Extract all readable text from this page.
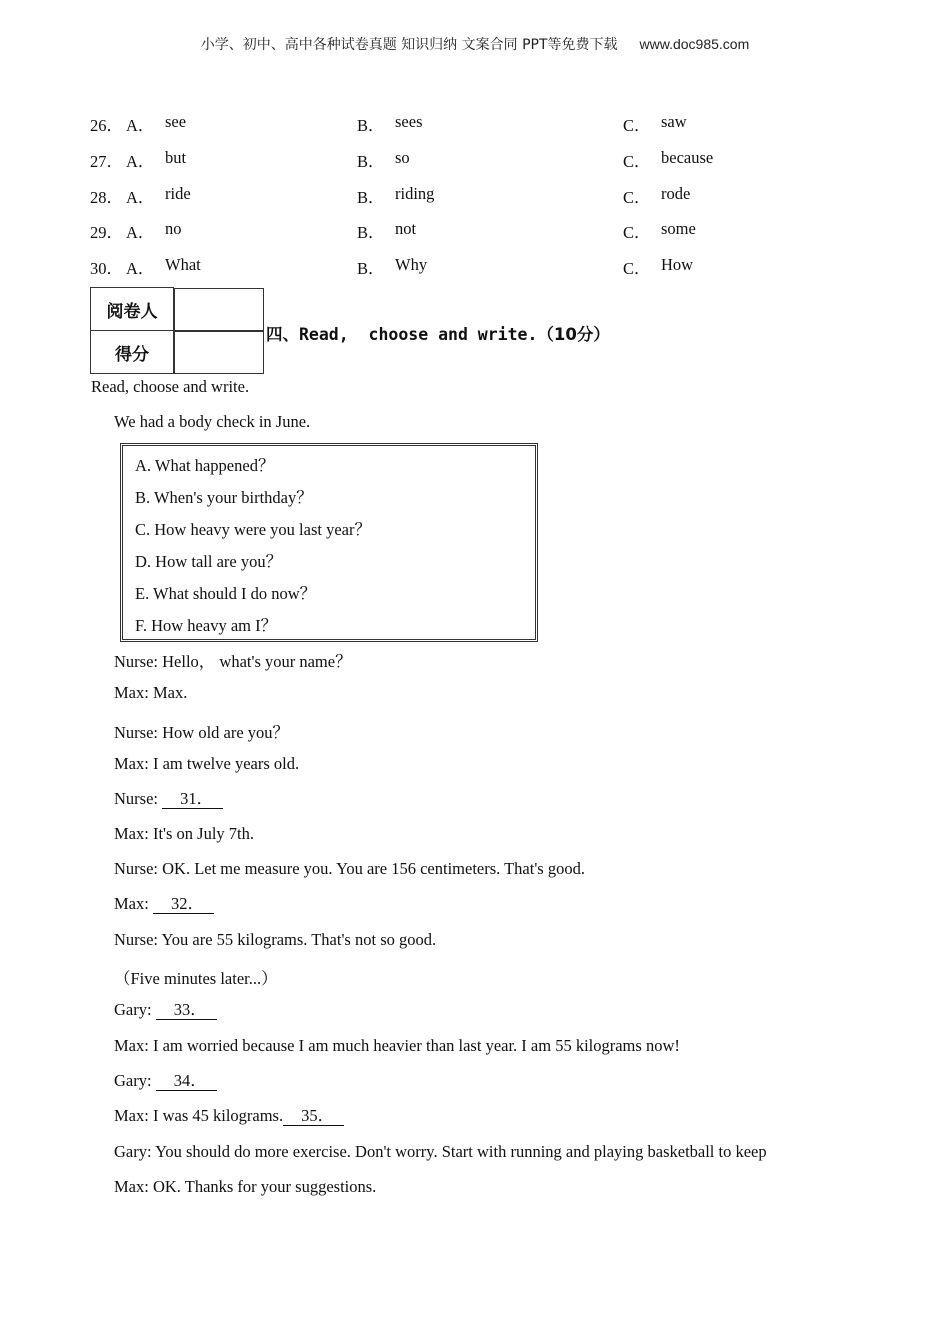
小学、初中、高中各种试卷真题 知识归纳 文案合同 PPT等免费下载 www.doc985.com
26． A． see	B． sees	C． saw
27． A． but	B． so	C． because
28． A． ride	B． riding	C． rode
29． A． no	B． not	C． some
30． A． What	B． Why	C． How
阅卷人	
得分	
四、Read,  choose and write.（10分）
Read, choose and write.
We had a body check in June.
A. What happened？
B. When's your birthday？
C. How heavy were you last year？
D. How tall are you？
E. What should I do now？
F. How heavy am I？
Nurse: Hello， what's your name？
Max: Max.
Nurse: How old are you？
Max: I am twelve years old.
Nurse: 31．
Max: It's on July 7th.
Nurse: OK. Let me measure you. You are 156 centimeters. That's good.
Max: 32．
Nurse: You are 55 kilograms. That's not so good.
（Five minutes later...）
Gary: 33．
Max: I am worried because I am much heavier than last year. I am 55 kilograms now!
Gary: 34．
Max: I was 45 kilograms. 35．
Gary: You should do more exercise. Don't worry. Start with running and playing basketball to keep
Max: OK. Thanks for your suggestions.
